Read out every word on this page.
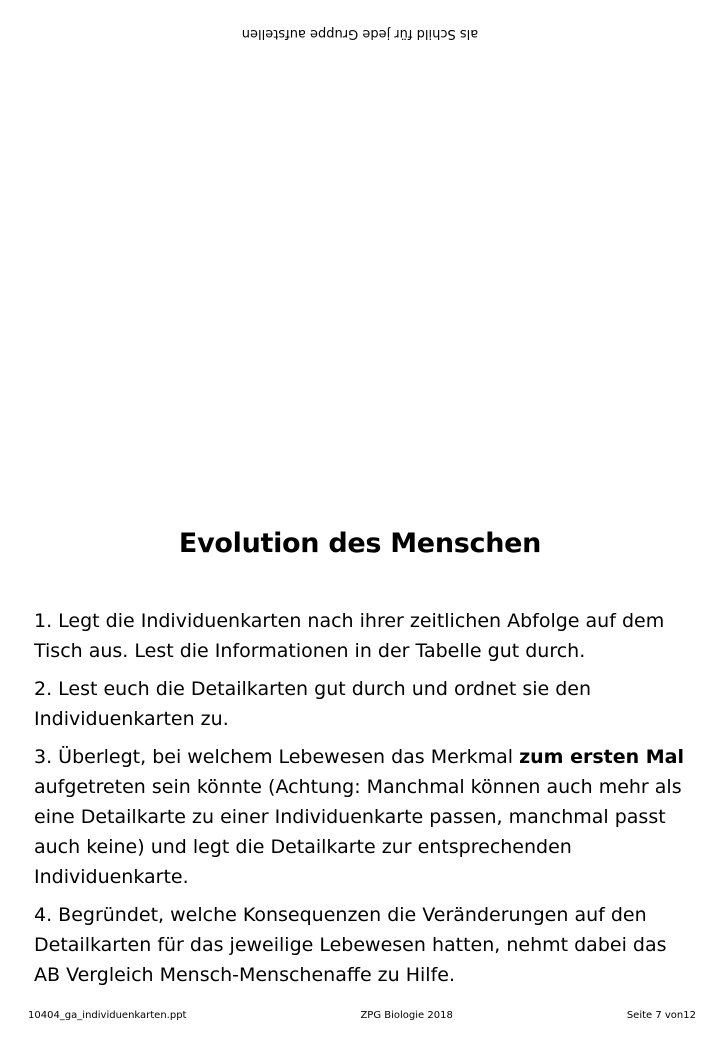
als Schild für jede Gruppe aufstellen
Evolution des Menschen

1. Legt die Individuenkarten nach ihrer zeitlichen Abfolge auf dem Tisch aus. Lest die Informationen in der Tabelle gut durch.

2. Lest euch die Detailkarten gut durch und ordnet sie den Individuenkarten zu.

3. Überlegt, bei welchem Lebewesen das Merkmal zum ersten Mal aufgetreten sein könnte (Achtung: Manchmal können auch mehr als eine Detailkarte zu einer Individuenkarte passen, manchmal passt auch keine) und legt die Detailkarte zur entsprechenden Individuenkarte.

4. Begründet, welche Konsequenzen die Veränderungen auf den Detailkarten für das jeweilige Lebewesen hatten, nehmt dabei das AB Vergleich Mensch-Menschenaffe zu Hilfe.

10404_ga_individuenkarten.ppt	ZPG Biologie 2018	Seite 7 von12
